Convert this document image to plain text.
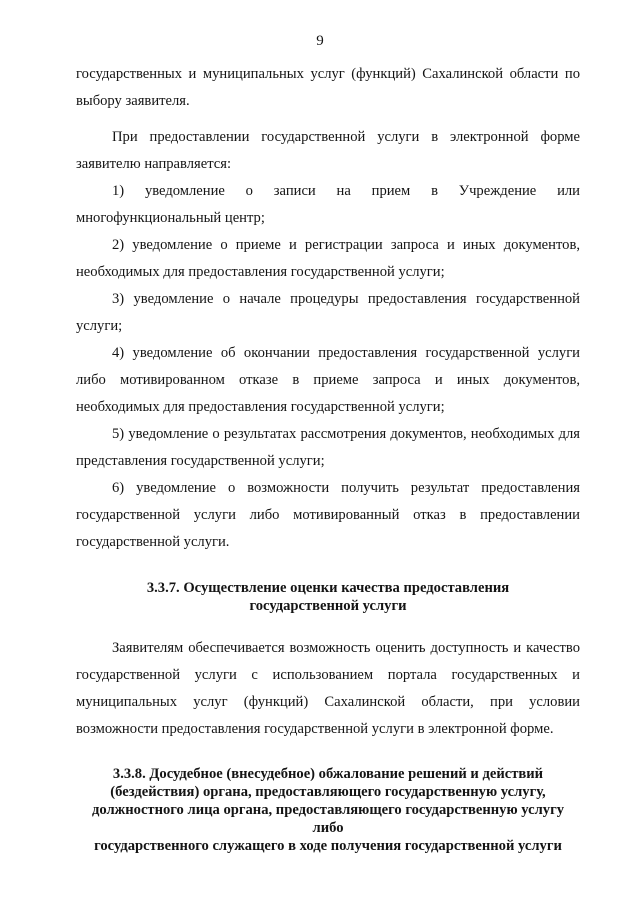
9

государственных и муниципальных услуг (функций) Сахалинской области по выбору заявителя.

При предоставлении государственной услуги в электронной форме заявителю направляется:

1) уведомление о записи на прием в Учреждение или

многофункциональный центр;

2) уведомление о приеме и регистрации запроса и иных документов, необходимых для предоставления государственной услуги;

3) уведомление о начале процедуры предоставления государственной услуги;

4) уведомление об окончании предоставления государственной услуги либо мотивированном отказе в приеме запроса и иных документов, необходимых для предоставления государственной услуги;

5) уведомление о результатах рассмотрения документов, необходимых для представления государственной услуги;

6) уведомление о возможности получить результат предоставления государственной услуги либо мотивированный отказ в предоставлении государственной услуги.

3.3.7. Осуществление оценки качества предоставления
государственной услуги

Заявителям обеспечивается возможность оценить доступность и качество государственной услуги с использованием портала государственных и муниципальных услуг (функций) Сахалинской области, при условии возможности предоставления государственной услуги в электронной форме.

3.3.8. Досудебное (внесудебное) обжалование решений и действий
(бездействия) органа, предоставляющего государственную услугу,
должностного лица органа, предоставляющего государственную услугу либо
государственного служащего в ходе получения государственной услуги
